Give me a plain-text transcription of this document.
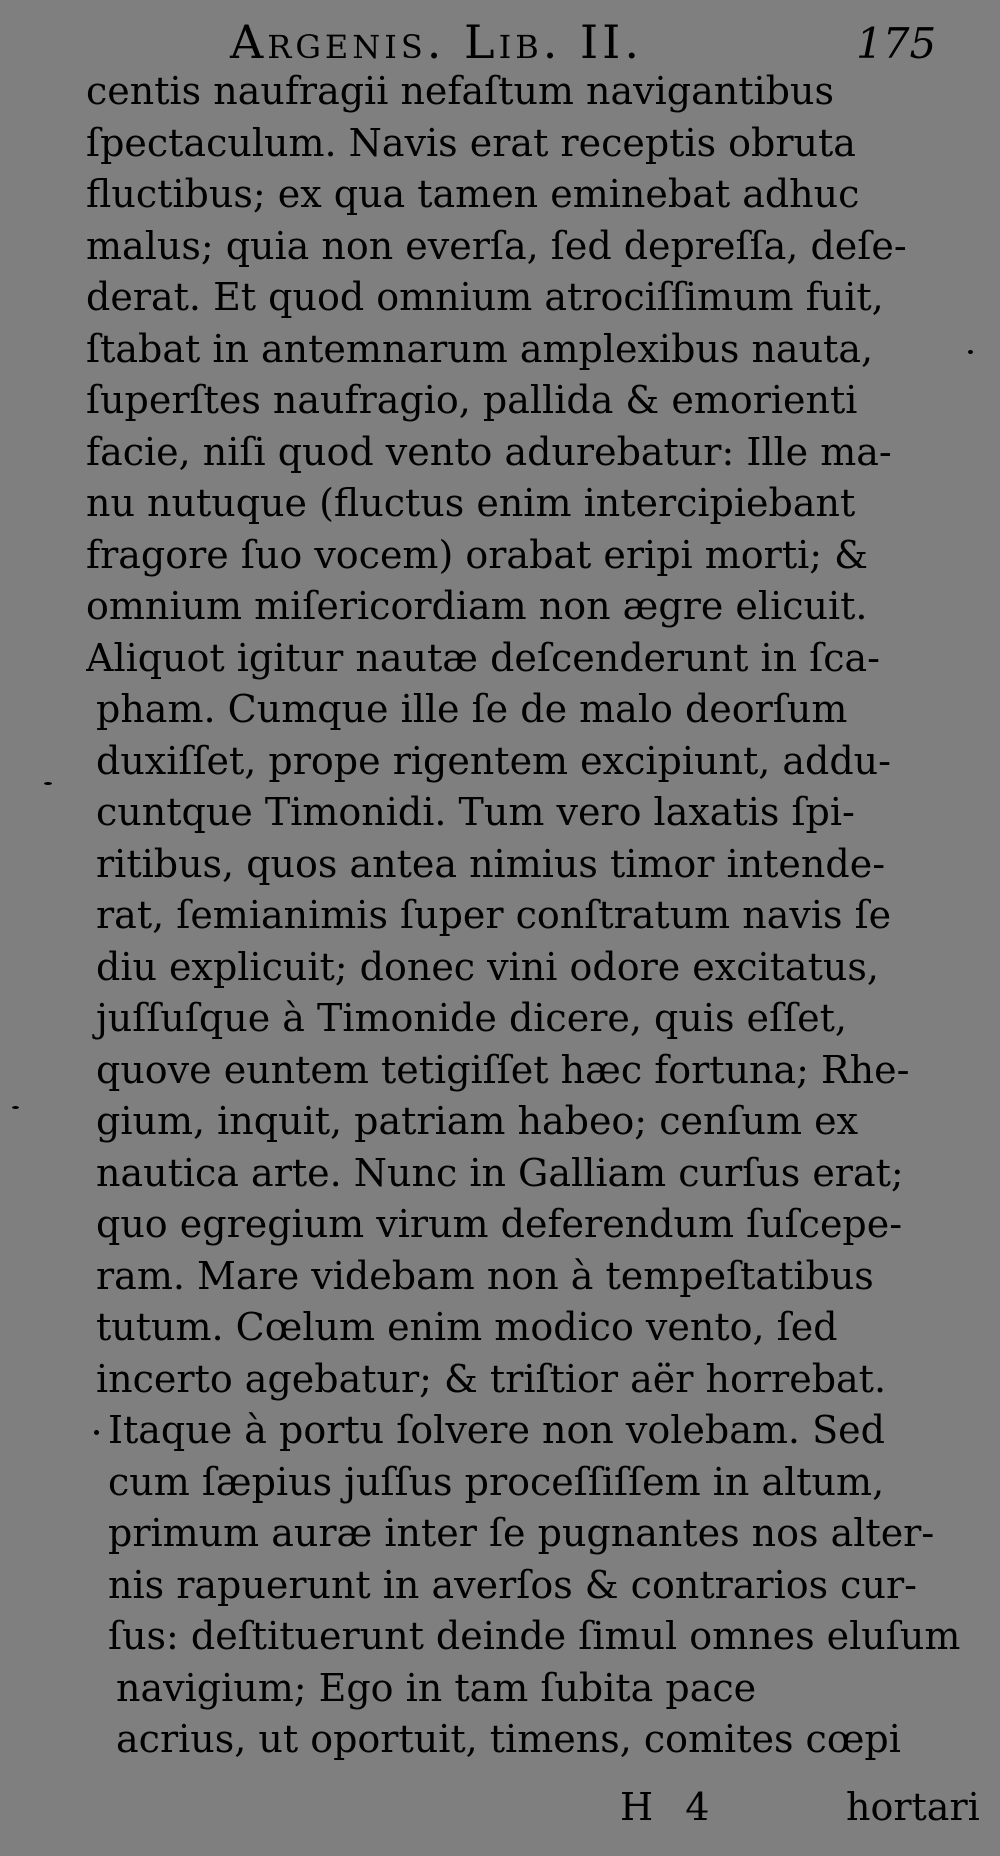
Argenis. Lib. II.	175
centis naufragii nefaſtum navigantibus
ſpectaculum. Navis erat receptis obruta
fluctibus; ex qua tamen eminebat adhuc
malus; quia non everſa, ſed depreſſa, deſe-
derat. Et quod omnium atrociſſimum fuit,
ſtabat in antemnarum amplexibus nauta,
ſuperſtes naufragio, pallida & emorienti
facie, niſi quod vento adurebatur: Ille ma-
nu nutuque (fluctus enim intercipiebant
fragore ſuo vocem) orabat eripi morti; &
omnium miſericordiam non ægre elicuit.
Aliquot igitur nautæ deſcenderunt in ſca-
pham. Cumque ille ſe de malo deorſum
duxiſſet, prope rigentem excipiunt, addu-
cuntque Timonidi. Tum vero laxatis ſpi-
ritibus, quos antea nimius timor intende-
rat, ſemianimis ſuper conſtratum navis ſe
diu explicuit; donec vini odore excitatus,
juſſuſque à Timonide dicere, quis eſſet,
quove euntem tetigiſſet hæc fortuna; Rhe-
gium, inquit, patriam habeo; cenſum ex
nautica arte. Nunc in Galliam curſus erat;
quo egregium virum deferendum ſuſcepe-
ram. Mare videbam non à tempeſtatibus
tutum. Cœlum enim modico vento, ſed
incerto agebatur; & triſtior aër horrebat.
Itaque à portu ſolvere non volebam. Sed
cum ſæpius juſſus proceſſiſſem in altum,
primum auræ inter ſe pugnantes nos alter-
nis rapuerunt in averſos & contrarios cur-
ſus: deſtituerunt deinde ſimul omnes eluſum
navigium; Ego in tam ſubita pace
acrius, ut oportuit, timens, comites cœpi
H 4	hortari
